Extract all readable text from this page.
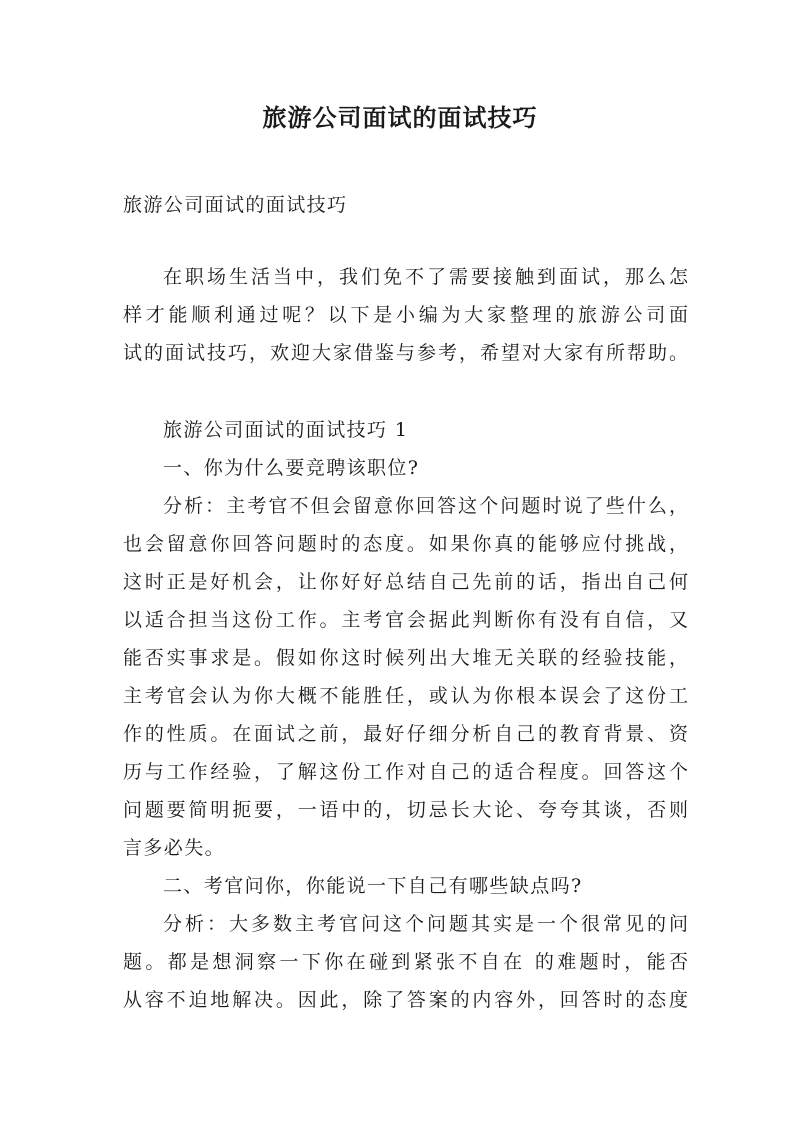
旅游公司面试的面试技巧

旅游公司面试的面试技巧

在职场生活当中，我们免不了需要接触到面试，那么怎

样才能顺利通过呢？以下是小编为大家整理的旅游公司面

试的面试技巧，欢迎大家借鉴与参考，希望对大家有所帮助。

旅游公司面试的面试技巧 1

一、你为什么要竞聘该职位?

分析：主考官不但会留意你回答这个问题时说了些什么，

也会留意你回答问题时的态度。如果你真的能够应付挑战，

这时正是好机会，让你好好总结自己先前的话，指出自己何

以适合担当这份工作。主考官会据此判断你有没有自信，又

能否实事求是。假如你这时候列出大堆无关联的经验技能，

主考官会认为你大概不能胜任，或认为你根本误会了这份工

作的性质。在面试之前，最好仔细分析自己的教育背景、资

历与工作经验，了解这份工作对自己的适合程度。回答这个

问题要简明扼要，一语中的，切忌长大论、夸夸其谈，否则

言多必失。

二、考官问你，你能说一下自己有哪些缺点吗?

分析：大多数主考官问这个问题其实是一个很常见的问

题。都是想洞察一下你在碰到紧张不自在 的难题时，能否

从容不迫地解决。因此，除了答案的内容外，回答时的态度
